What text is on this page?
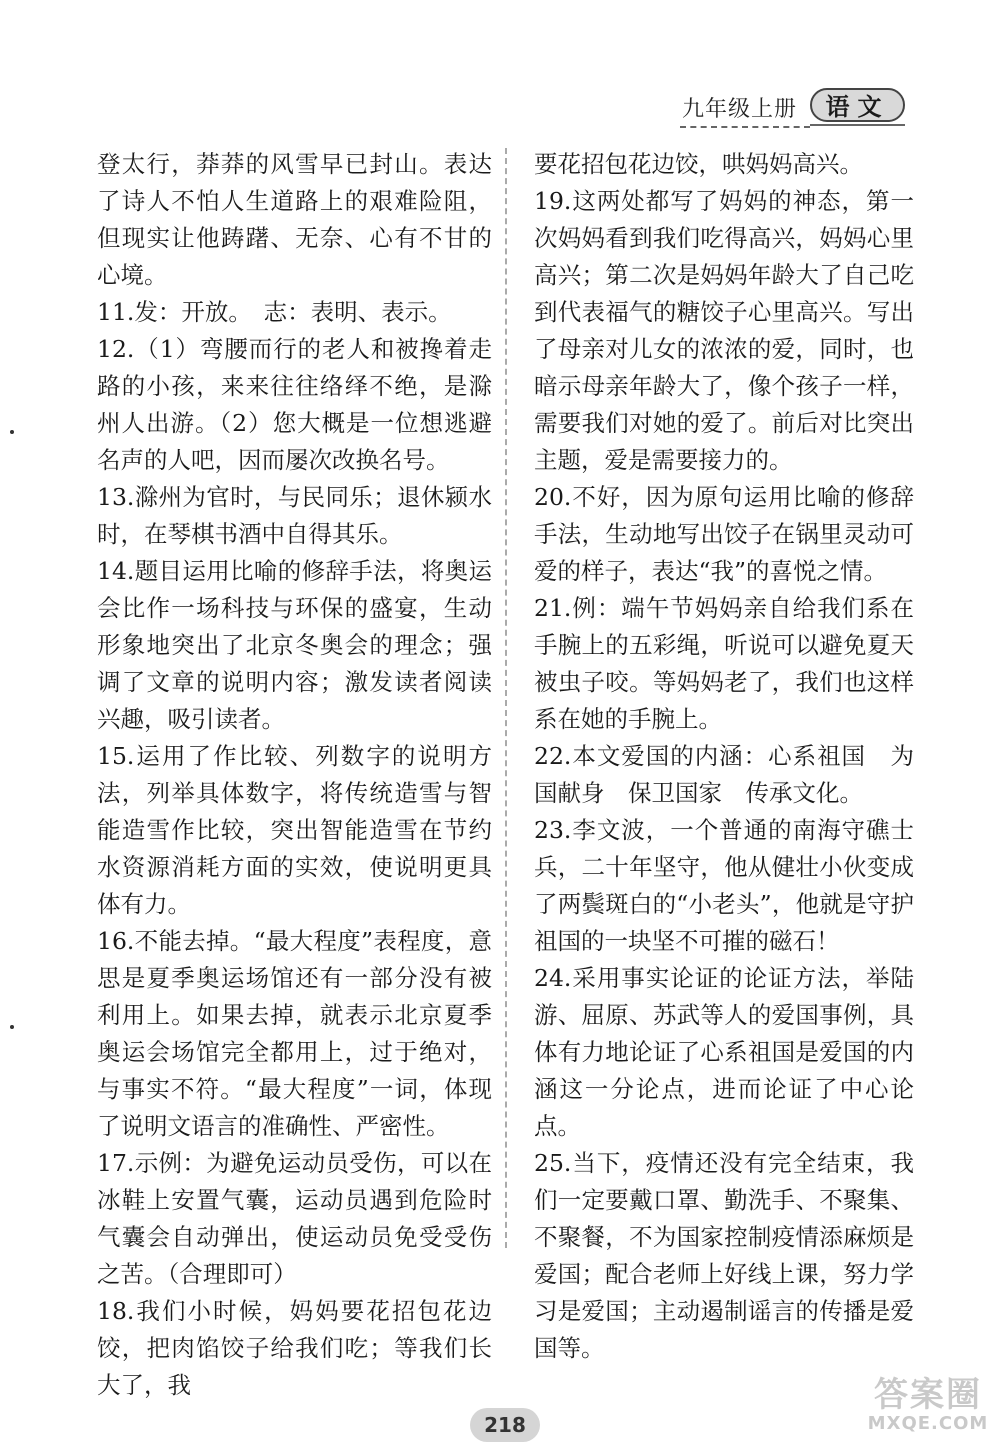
九年级上册	语文

登太行，莽莽的风雪早已封山。表达了诗人不怕人生道路上的艰难险阻，但现实让他踌躇、无奈、心有不甘的心境。

11.发：开放。　志：表明、表示。

12.（1）弯腰而行的老人和被搀着走路的小孩，来来往往络绎不绝，是滁州人出游。（2）您大概是一位想逃避名声的人吧，因而屡次改换名号。

13.滁州为官时，与民同乐；退休颍水时，在琴棋书酒中自得其乐。

14.题目运用比喻的修辞手法，将奥运会比作一场科技与环保的盛宴，生动形象地突出了北京冬奥会的理念；强调了文章的说明内容；激发读者阅读兴趣，吸引读者。

15.运用了作比较、列数字的说明方法，列举具体数字，将传统造雪与智能造雪作比较，突出智能造雪在节约水资源消耗方面的实效，使说明更具体有力。

16.不能去掉。“最大程度”表程度，意思是夏季奥运场馆还有一部分没有被利用上。如果去掉，就表示北京夏季奥运会场馆完全都用上，过于绝对，与事实不符。“最大程度”一词，体现了说明文语言的准确性、严密性。

17.示例：为避免运动员受伤，可以在冰鞋上安置气囊，运动员遇到危险时气囊会自动弹出，使运动员免受受伤之苦。（合理即可）

18.我们小时候，妈妈要花招包花边饺，把肉馅饺子给我们吃；等我们长大了，我

要花招包花边饺，哄妈妈高兴。

19.这两处都写了妈妈的神态，第一次妈妈看到我们吃得高兴，妈妈心里高兴；第二次是妈妈年龄大了自己吃到代表福气的糖饺子心里高兴。写出了母亲对儿女的浓浓的爱，同时，也暗示母亲年龄大了，像个孩子一样，需要我们对她的爱了。前后对比突出主题，爱是需要接力的。

20.不好，因为原句运用比喻的修辞手法，生动地写出饺子在锅里灵动可爱的样子，表达“我”的喜悦之情。

21.例：端午节妈妈亲自给我们系在手腕上的五彩绳，听说可以避免夏天被虫子咬。等妈妈老了，我们也这样系在她的手腕上。

22.本文爱国的内涵：心系祖国　为国献身　保卫国家　传承文化。

23.李文波，一个普通的南海守礁士兵，二十年坚守，他从健壮小伙变成了两鬓斑白的“小老头”，他就是守护祖国的一块坚不可摧的磁石！

24.采用事实论证的论证方法，举陆游、屈原、苏武等人的爱国事例，具体有力地论证了心系祖国是爱国的内涵这一分论点，进而论证了中心论点。

25.当下，疫情还没有完全结束，我们一定要戴口罩、勤洗手、不聚集、不聚餐，不为国家控制疫情添麻烦是爱国；配合老师上好线上课，努力学习是爱国；主动遏制谣言的传播是爱国等。

218
答案圈
MXQE.COM
